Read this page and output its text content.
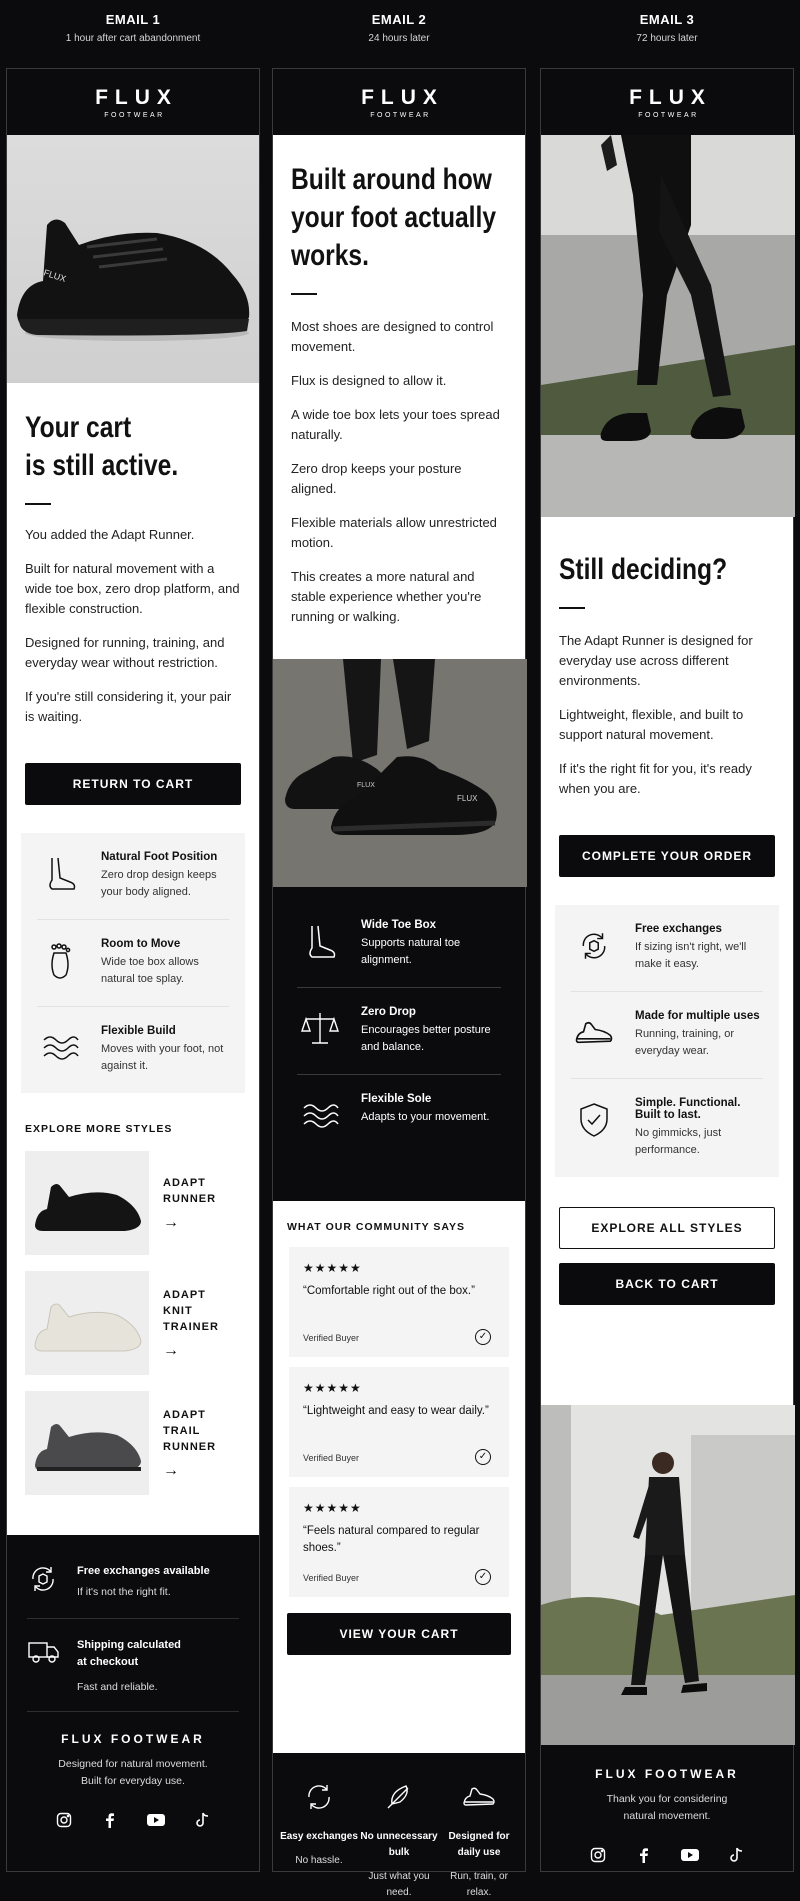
EMAIL 1
1 hour after cart abandonment
EMAIL 2
24 hours later
EMAIL 3
72 hours later
FLUX
FOOTWEAR
FLUX
Your cart
is still active.

You added the Adapt Runner.

Built for natural movement with a wide toe box, zero drop platform, and flexible construction.

Designed for running, training, and everyday wear without restriction.

If you're still considering it, your pair is waiting.

RETURN TO CART
Natural Foot Position
Zero drop design keeps your body aligned.
Room to Move
Wide toe box allows natural toe splay.
Flexible Build
Moves with your foot, not against it.
EXPLORE MORE STYLES
ADAPT
RUNNER
→
ADAPT
KNIT TRAINER
→
ADAPT
TRAIL RUNNER
→
Free exchanges available
If it's not the right fit.
Shipping calculated
at checkout
Fast and reliable.
FLUX FOOTWEAR
Designed for natural movement.
Built for everyday use.
FLUX
FOOTWEAR
Built around how
your foot actually
works.

Most shoes are designed to control movement.

Flux is designed to allow it.

A wide toe box lets your toes spread naturally.

Zero drop keeps your posture aligned.

Flexible materials allow unrestricted motion.

This creates a more natural and stable experience whether you're running or walking.

FLUX
FLUX
Wide Toe Box
Supports natural toe alignment.
Zero Drop
Encourages better posture and balance.
Flexible Sole
Adapts to your movement.
WHAT OUR COMMUNITY SAYS
★★★★★
“Comfortable right out of the box.”
Verified Buyer	✓
★★★★★
“Lightweight and easy to wear daily.”
Verified Buyer	✓
★★★★★
“Feels natural compared to regular shoes.”
Verified Buyer	✓
VIEW YOUR CART
Easy exchanges
No hassle.
No unnecessary bulk
Just what you need.
Designed for daily use
Run, train, or relax.
FLUX
FOOTWEAR
Still deciding?

The Adapt Runner is designed for everyday use across different environments.

Lightweight, flexible, and built to support natural movement.

If it's the right fit for you, it's ready when you are.

COMPLETE YOUR ORDER
Free exchanges
If sizing isn't right, we'll make it easy.
Made for multiple uses
Running, training, or everyday wear.
Simple. Functional. Built to last.
No gimmicks, just performance.
EXPLORE ALL STYLES
BACK TO CART
FLUX FOOTWEAR
Thank you for considering
natural movement.
